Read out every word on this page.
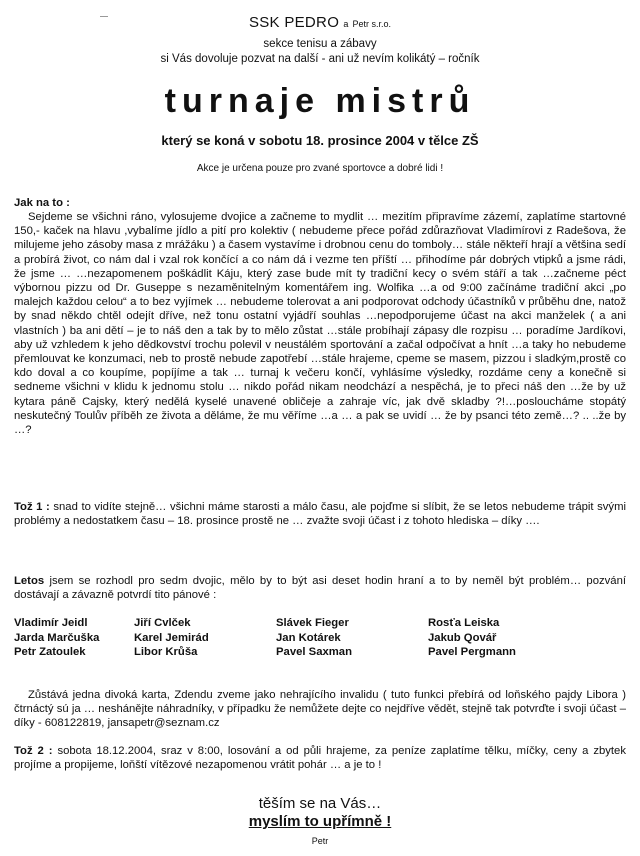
SSK PEDRO a Petr s.r.o.
sekce tenisu a zábavy
si Vás dovoluje pozvat na další - ani už nevím kolikátý – ročník
turnaje mistrů
který se koná v sobotu 18. prosince 2004 v tělce ZŠ
Akce je určena pouze pro zvané sportovce a dobré lidi !
Jak na to :
Sejdeme se všichni ráno, vylosujeme dvojice a začneme to mydlit … mezitím připravíme zázemí, zaplatíme startovné 150,- kaček na hlavu ,vybalíme jídlo a pití pro kolektiv ( nebudeme přece pořád zdůrazňovat Vladimírovi z Radešova, že milujeme jeho zásoby masa z mrážáku ) a časem vystavíme i drobnou cenu do tomboly… stále někteří hrají a většina sedí a probírá život, co nám dal i vzal rok končící a co nám dá i vezme ten příští … přihodíme pár dobrých vtipků a jsme rádi, že jsme … …nezapomenem poškádlit Káju, který zase bude mít ty tradiční kecy o svém stáří a tak …začneme péct výbornou pizzu od Dr. Guseppe s nezaměnitelným komentářem ing. Wolfika …a od 9:00 začínáme tradiční akci „po malejch každou celou“ a to bez vyjímek … nebudeme tolerovat a ani podporovat odchody účastníků v průběhu dne, natož by snad někdo chtěl odejít dříve, než tonu ostatní vyjádří souhlas …nepodporujeme účast na akci manželek ( a ani vlastních ) ba ani dětí – je to náš den a tak by to mělo zůstat …stále probíhají zápasy dle rozpisu … poradíme Jardíkovi, aby už vzhledem k jeho dědkovství trochu polevil v neustálém sportování a začal odpočívat a hnít …a taky ho nebudeme přemlouvat ke konzumaci, neb to prostě nebude zapotřebí …stále hrajeme, cpeme se masem, pizzou i sladkým,prostě co kdo doval a co koupíme, popíjíme a tak … turnaj k večeru končí, vyhlásíme výsledky, rozdáme ceny a konečně si sedneme všichni v klidu k jednomu stolu … nikdo pořád nikam neodchází a nespěchá, je to přeci náš den …že by už kytara páně Cajsky, který nedělá kyselé unavené obličeje a zahraje víc, jak dvě skladby ?!…posloucháme stopátý neskutečný Toulův příběh ze života a děláme, že mu věříme …a … a pak se uvidí … že by psanci této země…? .. ..že by …?
Tož 1 : snad to vidíte stejně… všichni máme starosti a málo času, ale pojďme si slíbit, že se letos nebudeme trápit svými problémy a nedostatkem času – 18. prosince prostě ne … zvažte svoji účast i z tohoto hlediska – díky ….
Letos jsem se rozhodl pro sedm dvojic, mělo by to být asi deset hodin hraní a to by neměl být problém… pozvání dostávají a závazně potvrdí tito pánové :
Vladimír Jeidl
Jarda Marčuška
Petr Zatoulek
Jiří Cvlček
Karel Jemirád
Libor Krůša
Slávek Fieger
Jan Kotárek
Pavel Saxman
Rosťa Leiska
Jakub Qovář
Pavel Pergmann
Zůstává jedna divoká karta, Zdendu zveme jako nehrajícího invalidu ( tuto funkci přebírá od loňského pajdy Libora ) čtrnáctý sú ja … neshánějte náhradníky, v případku že nemůžete dejte co nejdříve vědět, stejně tak potvrďte i svoji účast – díky - 608122819, jansapetr@seznam.cz
Tož 2 : sobota 18.12.2004, sraz v 8:00, losování a od půli hrajeme, za peníze zaplatíme tělku, míčky, ceny a zbytek projíme a propijeme, loňští vítězové nezapomenou vrátit pohár … a je to !
těším se na Vás…
myslím to upřímně !
Petr
